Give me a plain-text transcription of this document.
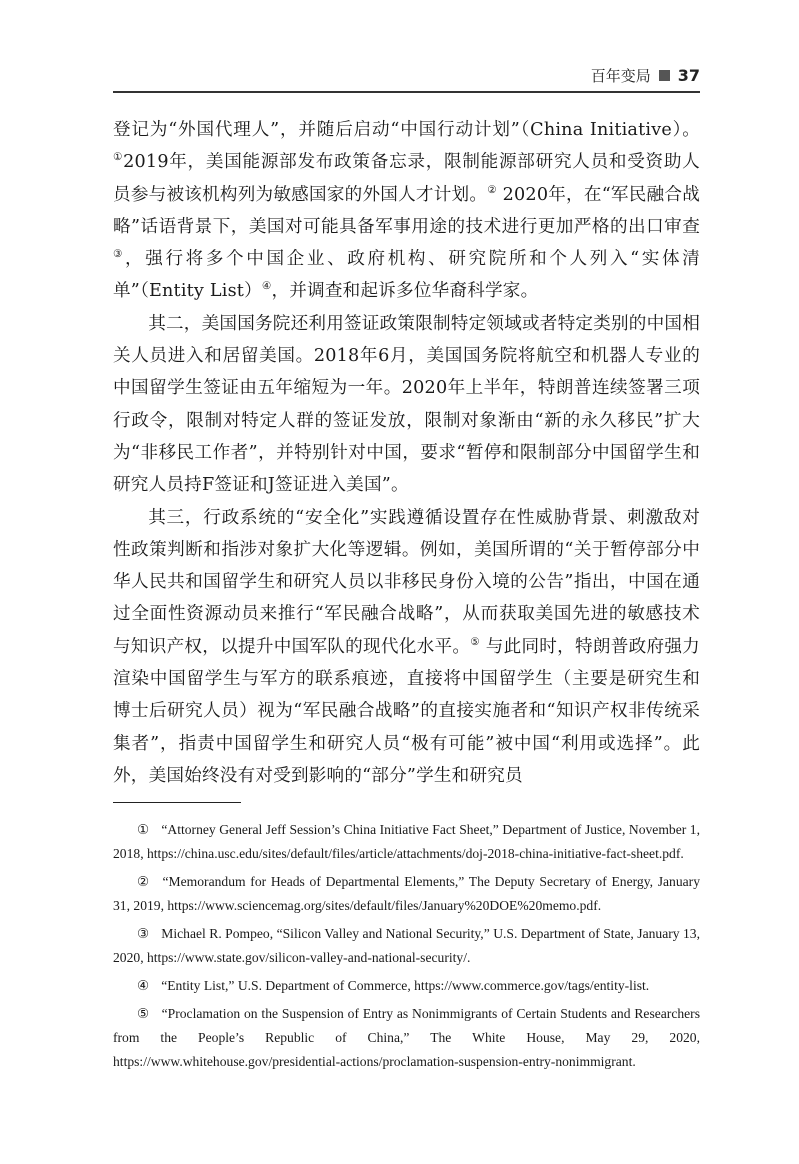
百年变局 37

登记为“外国代理人”，并随后启动“中国行动计划”（China Initiative）。①2019年，美国能源部发布政策备忘录，限制能源部研究人员和受资助人员参与被该机构列为敏感国家的外国人才计划。② 2020年，在“军民融合战略”话语背景下，美国对可能具备军事用途的技术进行更加严格的出口审查③，强行将多个中国企业、政府机构、研究院所和个人列入“实体清单”（Entity List）④，并调查和起诉多位华裔科学家。

其二，美国国务院还利用签证政策限制特定领域或者特定类别的中国相关人员进入和居留美国。2018年6月，美国国务院将航空和机器人专业的中国留学生签证由五年缩短为一年。2020年上半年，特朗普连续签署三项行政令，限制对特定人群的签证发放，限制对象渐由“新的永久移民”扩大为“非移民工作者”，并特别针对中国，要求“暂停和限制部分中国留学生和研究人员持F签证和J签证进入美国”。

其三，行政系统的“安全化”实践遵循设置存在性威胁背景、刺激敌对性政策判断和指涉对象扩大化等逻辑。例如，美国所谓的“关于暂停部分中华人民共和国留学生和研究人员以非移民身份入境的公告”指出，中国在通过全面性资源动员来推行“军民融合战略”，从而获取美国先进的敏感技术与知识产权，以提升中国军队的现代化水平。⑤ 与此同时，特朗普政府强力渲染中国留学生与军方的联系痕迹，直接将中国留学生（主要是研究生和博士后研究人员）视为“军民融合战略”的直接实施者和“知识产权非传统采集者”，指责中国留学生和研究人员“极有可能”被中国“利用或选择”。此外，美国始终没有对受到影响的“部分”学生和研究员

① “Attorney General Jeff Session’s China Initiative Fact Sheet,” Department of Justice, November 1, 2018, https://china.usc.edu/sites/default/files/article/attachments/doj-2018-china-initiative-fact-sheet.pdf.

② “Memorandum for Heads of Departmental Elements,” The Deputy Secretary of Energy, January 31, 2019, https://www.sciencemag.org/sites/default/files/January%20DOE%20memo.pdf.

③ Michael R. Pompeo, “Silicon Valley and National Security,” U.S. Department of State, January 13, 2020, https://www.state.gov/silicon-valley-and-national-security/.

④ “Entity List,” U.S. Department of Commerce, https://www.commerce.gov/tags/entity-list.

⑤ “Proclamation on the Suspension of Entry as Nonimmigrants of Certain Students and Researchers from the People’s Republic of China,” The White House, May 29, 2020, https://www.whitehouse.gov/presidential-actions/proclamation-suspension-entry-nonimmigrant.
